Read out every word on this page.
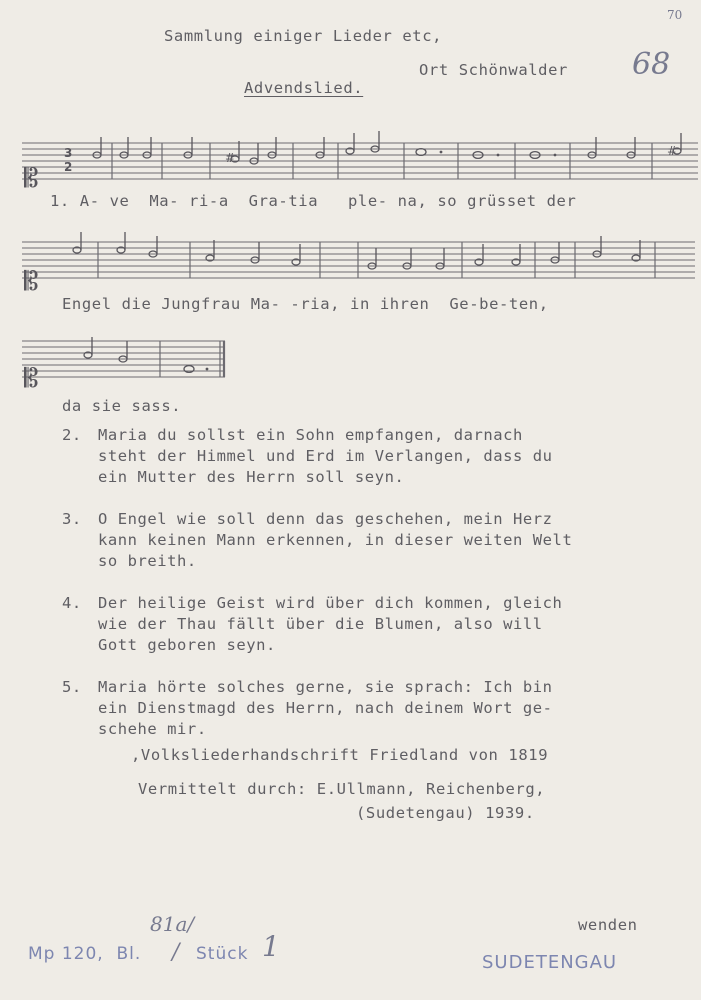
Sammlung einiger Lieder etc,
Ort Schönwalder 68
70
Advendslied.
𝄡
3
2
#	#
1. A- ve  Ma- ri-a  Gra-tia   ple- na, so grüsset der
𝄡
Engel die Jungfrau Ma- -ria, in ihren  Ge-be-ten,
𝄡
da sie sass.
2. Maria du sollst ein Sohn empfangen, darnach
steht der Himmel und Erd im Verlangen, dass du
ein Mutter des Herrn soll seyn.
3. O Engel wie soll denn das geschehen, mein Herz
kann keinen Mann erkennen, in dieser weiten Welt
so breith.
4. Der heilige Geist wird über dich kommen, gleich
wie der Thau fällt über die Blumen, also will
Gott geboren seyn.
5. Maria hörte solches gerne, sie sprach: Ich bin
ein Dienstmagd des Herrn, nach deinem Wort ge-
schehe mir.
,Volksliederhandschrift Friedland von 1819
Vermittelt durch: E.Ullmann, Reichenberg,
(Sudetengau) 1939.
wenden
Mp 120,  Bl.
81a/
/ Stück 1	SUDETENGAU
